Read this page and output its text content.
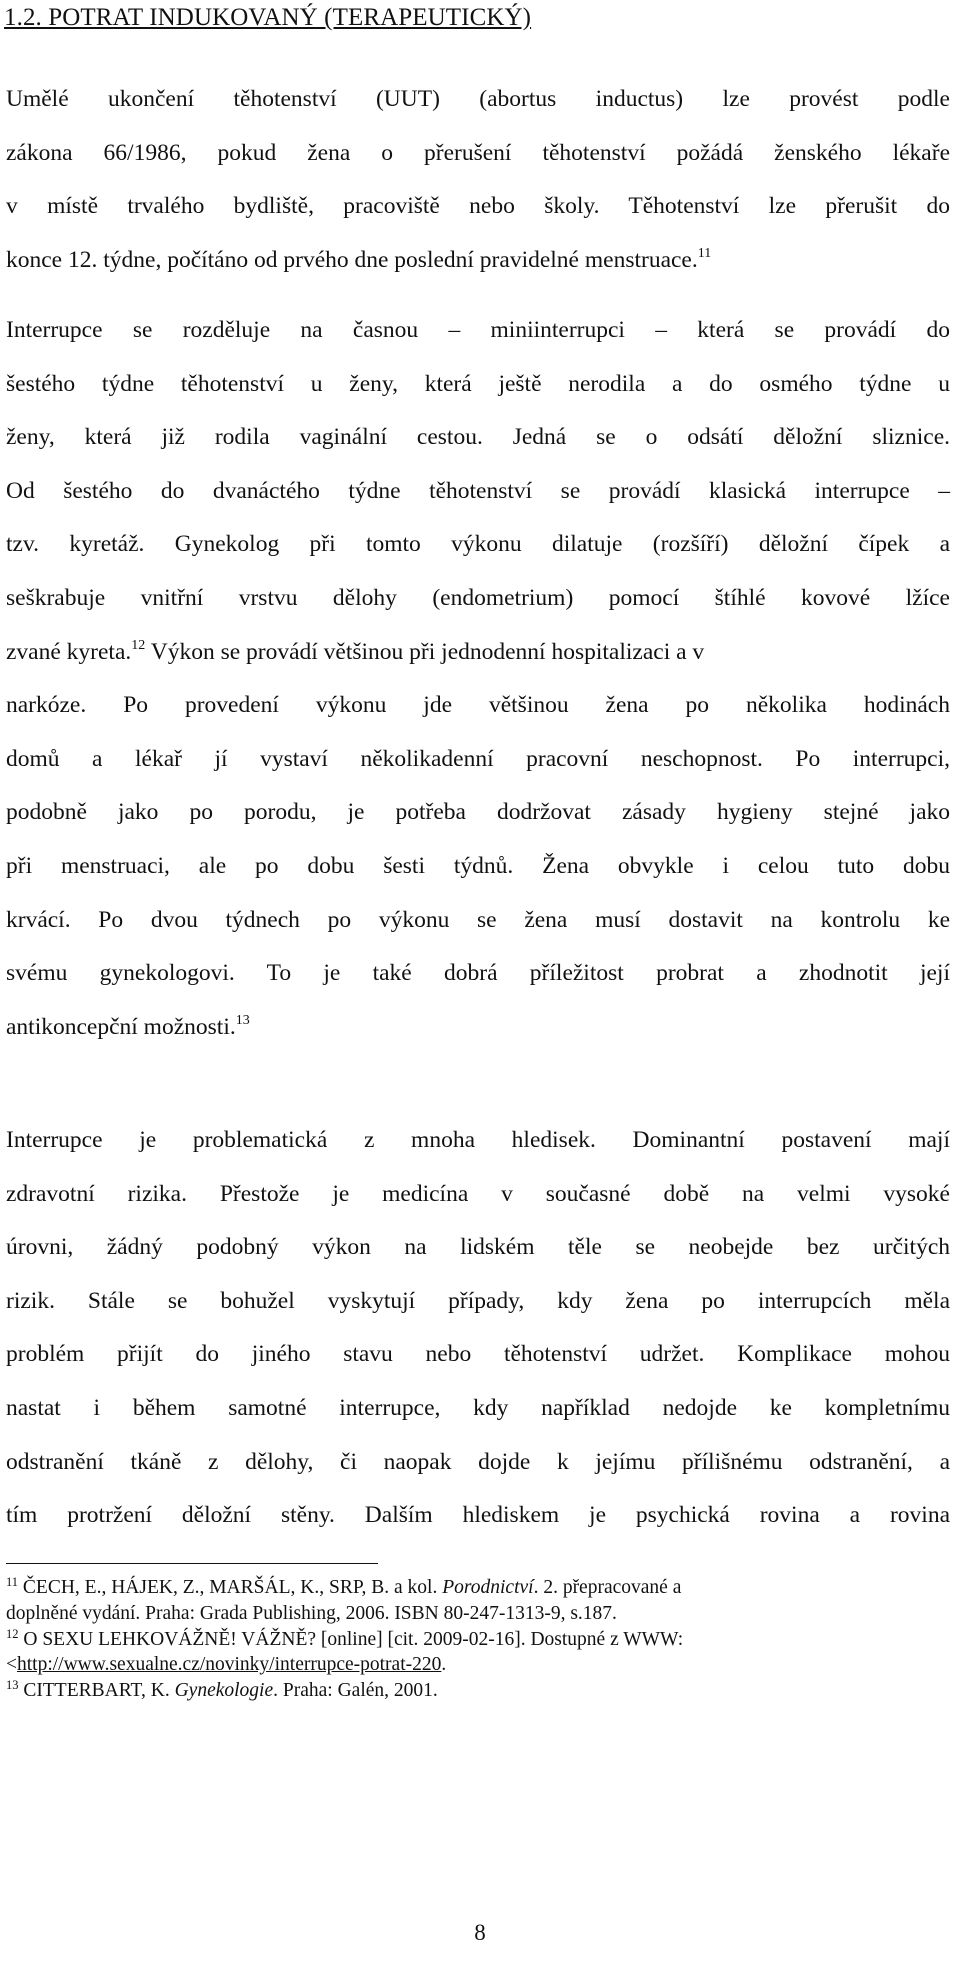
1.2. POTRAT INDUKOVANÝ (TERAPEUTICKÝ)
Umělé ukončení těhotenství (UUT) (abortus inductus) lze provést podle
zákona 66/1986, pokud žena o přerušení těhotenství požádá ženského lékaře
v místě trvalého bydliště, pracoviště nebo školy. Těhotenství lze přerušit do
konce 12. týdne, počítáno od prvého dne poslední pravidelné menstruace.$^{11}$
Interrupce se rozděluje na časnou – miniinterrupci – která se provádí do
šestého týdne těhotenství u ženy, která ještě nerodila a do osmého týdne u
ženy, která již rodila vaginální cestou. Jedná se o odsátí děložní sliznice.
Od šestého do dvanáctého týdne těhotenství se provádí klasická interrupce –
tzv. kyretáž. Gynekolog při tomto výkonu dilatuje (rozšíří) děložní čípek a
seškrabuje vnitřní vrstvu dělohy (endometrium) pomocí štíhlé kovové lžíce
zvané kyreta.$^{12}$ Výkon se provádí většinou při jednodenní hospitalizaci a v
narkóze. Po provedení výkonu jde většinou žena po několika hodinách
domů a lékař jí vystaví několikadenní pracovní neschopnost. Po interrupci,
podobně jako po porodu, je potřeba dodržovat zásady hygieny stejné jako
při menstruaci, ale po dobu šesti týdnů. Žena obvykle i celou tuto dobu
krvácí. Po dvou týdnech po výkonu se žena musí dostavit na kontrolu ke
svému gynekologovi. To je také dobrá příležitost probrat a zhodnotit její
antikoncepční možnosti.$^{13}$
Interrupce je problematická z mnoha hledisek. Dominantní postavení mají
zdravotní rizika. Přestože je medicína v současné době na velmi vysoké
úrovni, žádný podobný výkon na lidském těle se neobejde bez určitých
rizik. Stále se bohužel vyskytují případy, kdy žena po interrupcích měla
problém přijít do jiného stavu nebo těhotenství udržet. Komplikace mohou
nastat i během samotné interrupce, kdy například nedojde ke kompletnímu
odstranění tkáně z dělohy, či naopak dojde k jejímu přílišnému odstranění, a
tím protržení děložní stěny. Dalším hlediskem je psychická rovina a rovina
$^{11}$ ČECH, E., HÁJEK, Z., MARŠÁL, K., SRP, B. a kol. Porodnictví. 2. přepracované a
doplněné vydání. Praha: Grada Publishing, 2006. ISBN 80-247-1313-9, s.187.
$^{12}$ O SEXU LEHKOVÁŽNĚ! VÁŽNĚ? [online] [cit. 2009-02-16]. Dostupné z WWW:
<http://www.sexualne.cz/novinky/interrupce-potrat-220.
$^{13}$ CITTERBART, K. Gynekologie. Praha: Galén, 2001.
8
